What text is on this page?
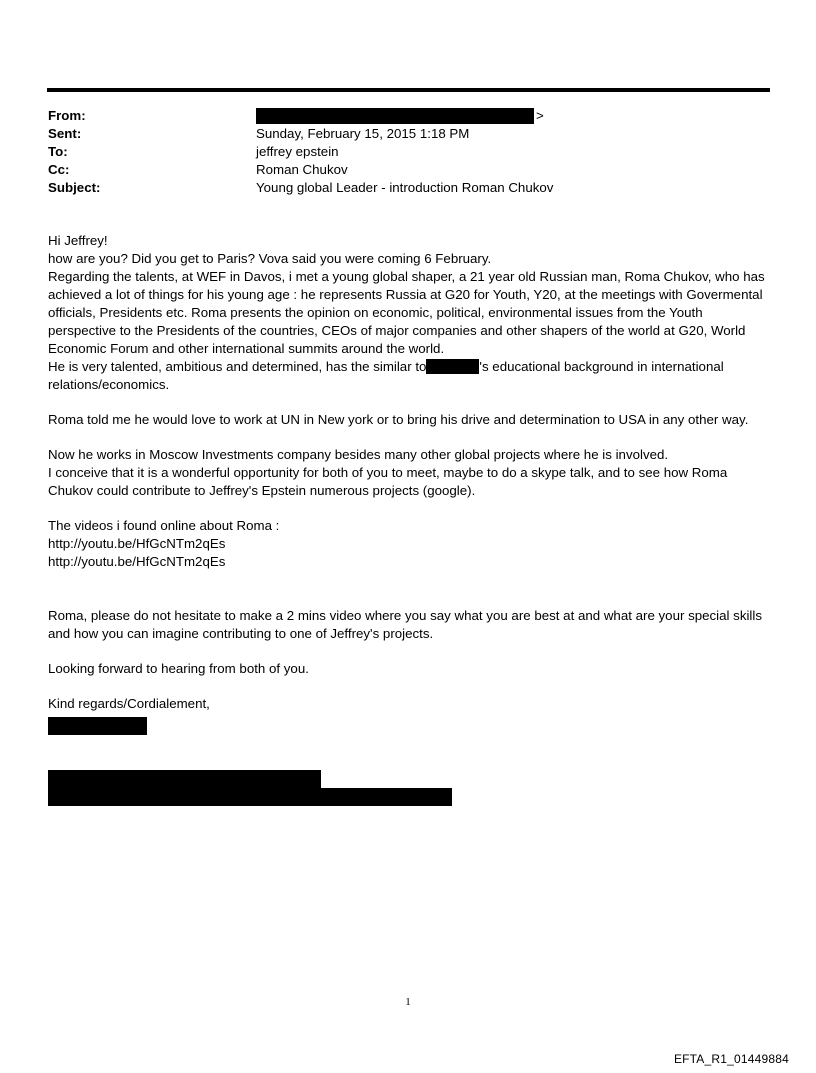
From:	>
Sent:	Sunday, February 15, 2015 1:18 PM
To:	jeffrey epstein
Cc:	Roman Chukov
Subject:	Young global Leader - introduction Roman Chukov

Hi Jeffrey!
how are you? Did you get to Paris? Vova said you were coming 6 February.
Regarding the talents, at WEF in Davos, i met a young global shaper, a 21 year old Russian man, Roma Chukov, who has
achieved a lot of things for his young age : he represents Russia at G20 for Youth, Y20, at the meetings with Govermental
officials, Presidents etc. Roma presents the opinion on economic, political, environmental issues from the Youth
perspective to the Presidents of the countries, CEOs of major companies and other shapers of the world at G20, World
Economic Forum and other international summits around the world.
He is very talented, ambitious and determined, has the similar to	's educational background in international
relations/economics.

Roma told me he would love to work at UN in New york or to bring his drive and determination to USA in any other way.

Now he works in Moscow Investments company besides many other global projects where he is involved.
I conceive that it is a wonderful opportunity for both of you to meet, maybe to do a skype talk, and to see how Roma
Chukov could contribute to Jeffrey's Epstein numerous projects (google).

The videos i found online about Roma :
http://youtu.be/HfGcNTm2qEs
http://youtu.be/HfGcNTm2qEs

Roma, please do not hesitate to make a 2 mins video where you say what you are best at and what are your special skills
and how you can imagine contributing to one of Jeffrey's projects.

Looking forward to hearing from both of you.

Kind regards/Cordialement,

1
EFTA_R1_01449884
